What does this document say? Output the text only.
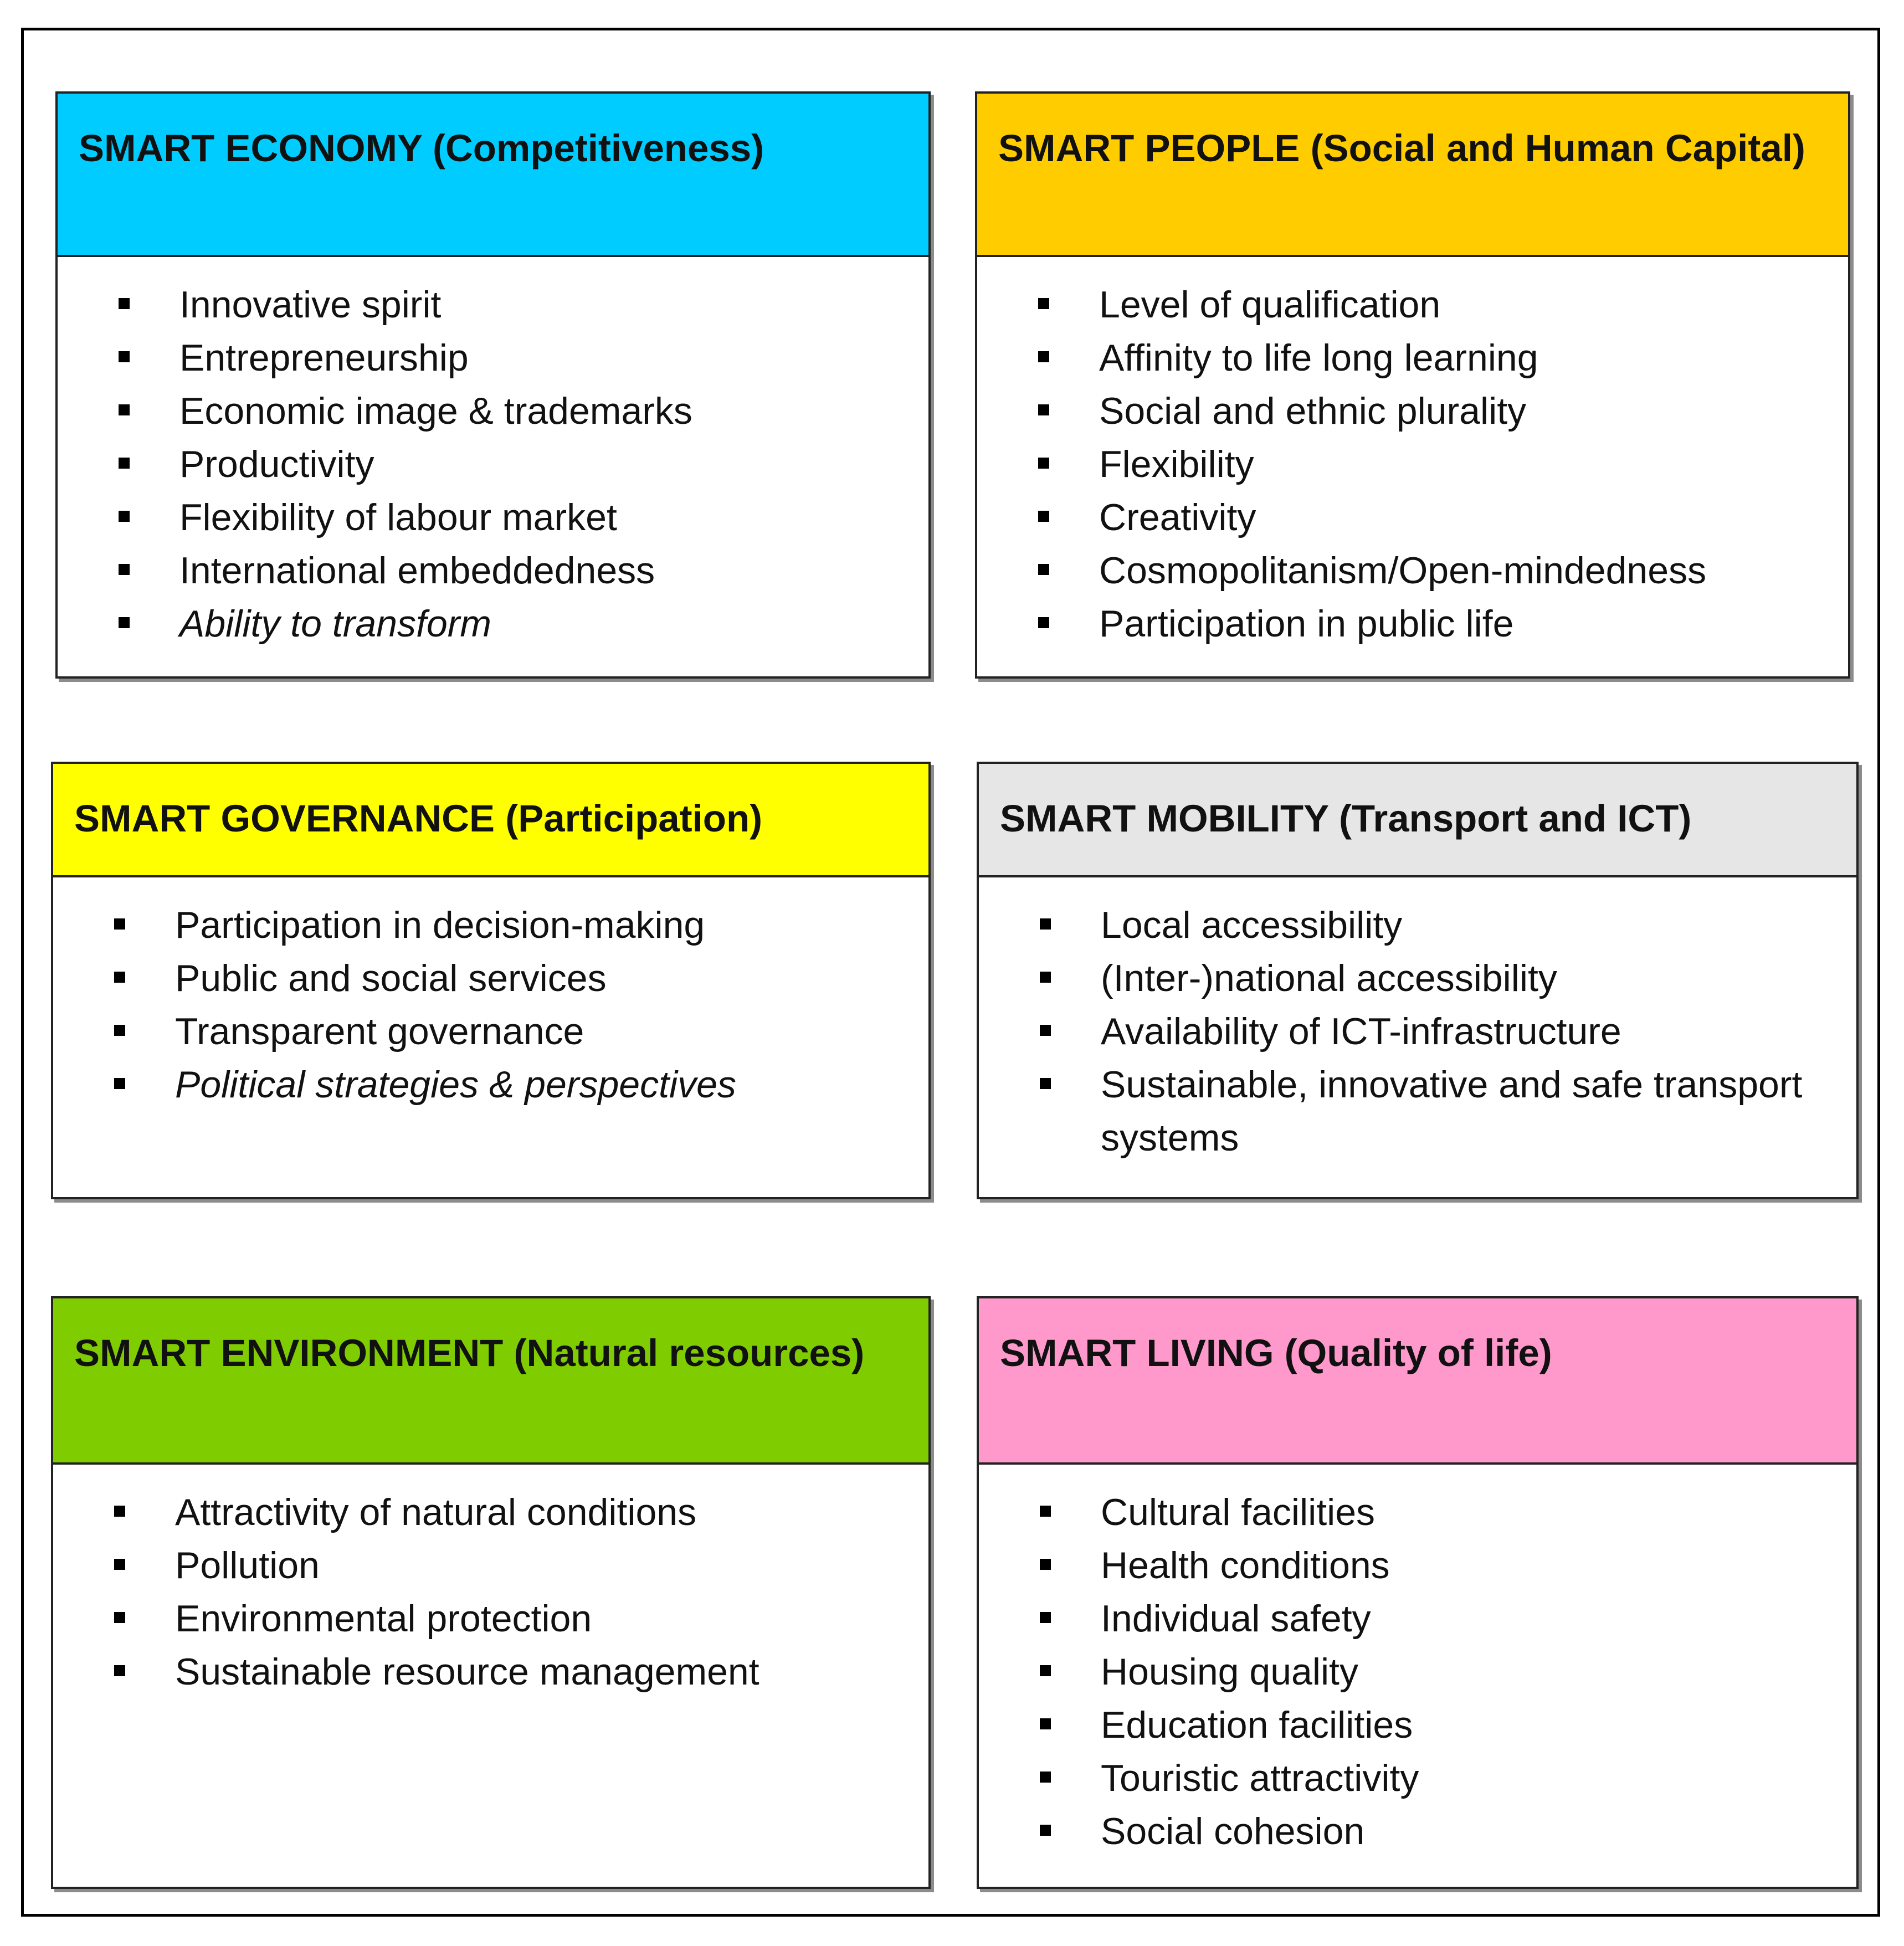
SMART ECONOMY (Competitiveness)
Innovative spirit
Entrepreneurship
Economic image & trademarks
Productivity
Flexibility of labour market
International embeddedness
Ability to transform
SMART PEOPLE (Social and Human Capital)
Level of qualification
Affinity to life long learning
Social and ethnic plurality
Flexibility
Creativity
Cosmopolitanism/Open-mindedness
Participation in public life
SMART GOVERNANCE (Participation)
Participation in decision-making
Public and social services
Transparent governance
Political strategies & perspectives
SMART MOBILITY (Transport and ICT)
Local accessibility
(Inter-)national accessibility
Availability of ICT-infrastructure
Sustainable, innovative and safe transport systems
SMART ENVIRONMENT (Natural resources)
Attractivity of natural conditions
Pollution
Environmental protection
Sustainable resource management
SMART LIVING (Quality of life)
Cultural facilities
Health conditions
Individual safety
Housing quality
Education facilities
Touristic attractivity
Social cohesion
